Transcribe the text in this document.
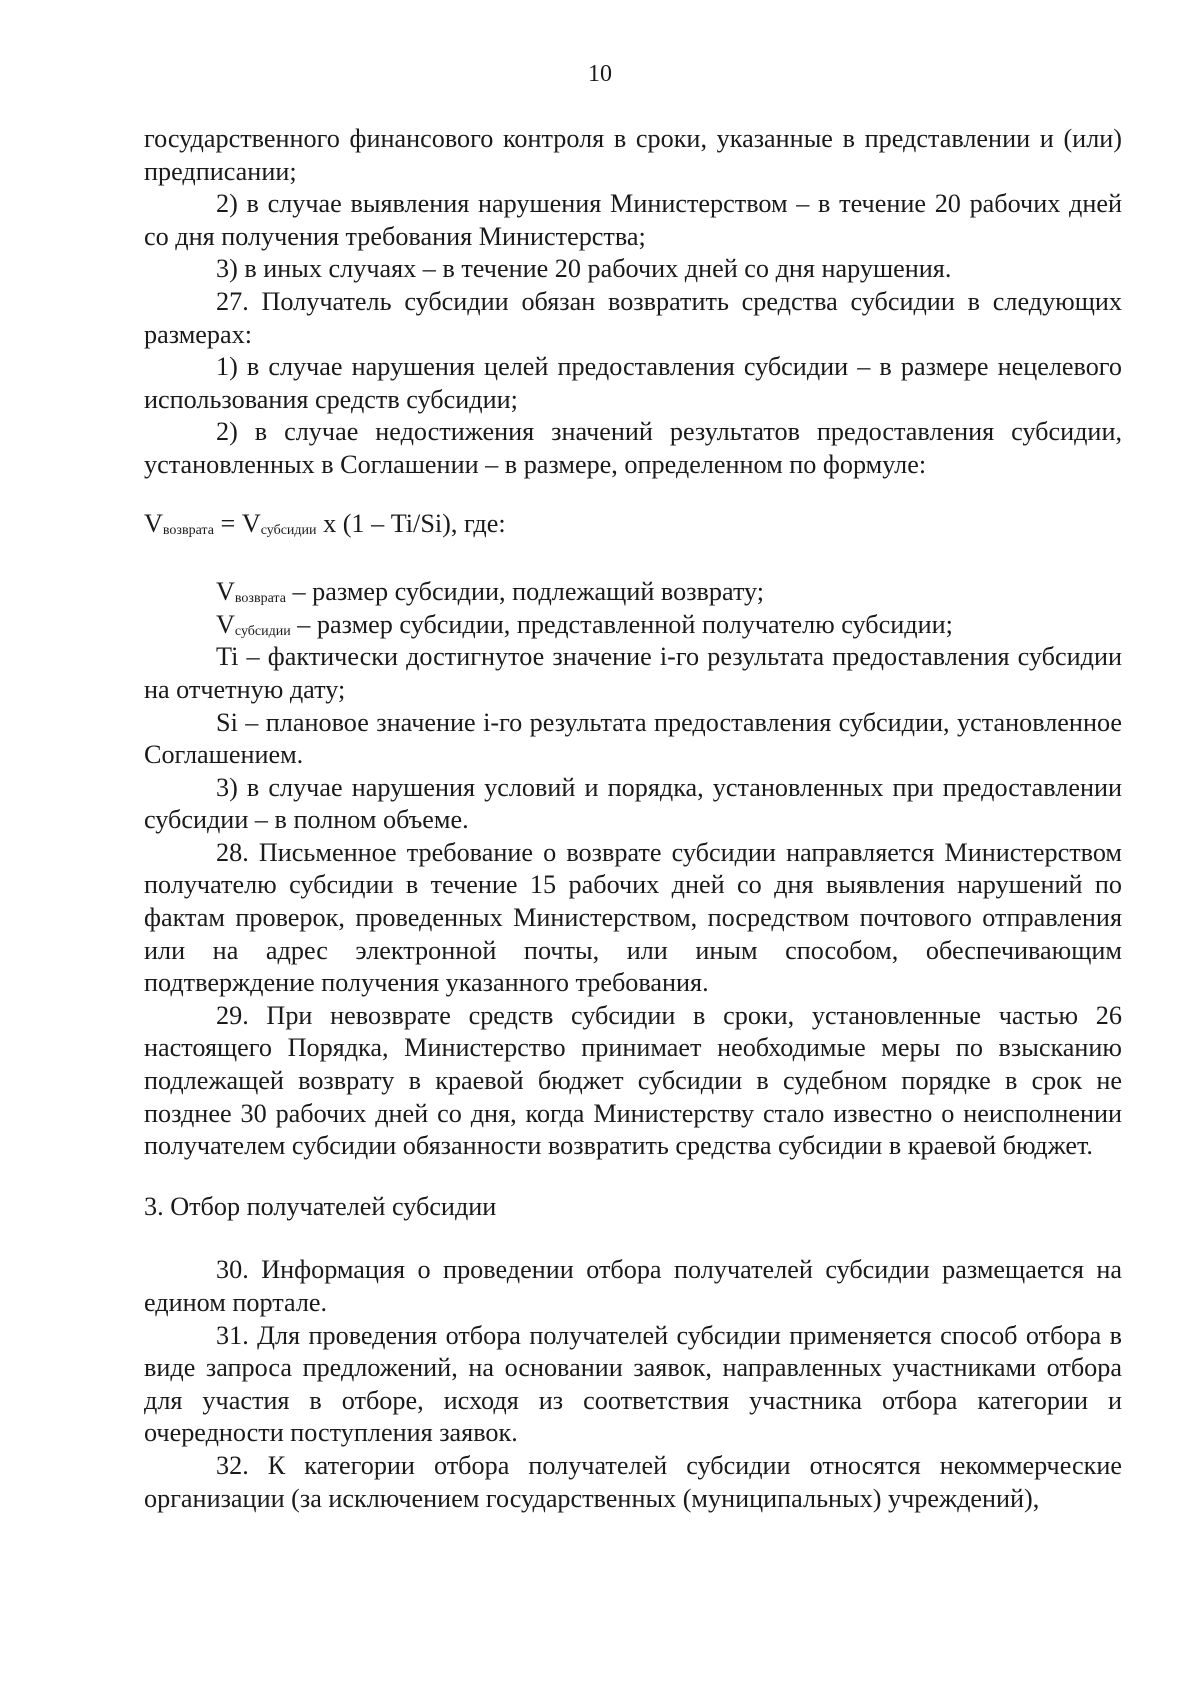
10

государственного финансового контроля в сроки, указанные в представлении и (или) предписании;

2) в случае выявления нарушения Министерством – в течение 20 рабочих дней со дня получения требования Министерства;

3) в иных случаях – в течение 20 рабочих дней со дня нарушения.

27. Получатель субсидии обязан возвратить средства субсидии в следующих размерах:

1) в случае нарушения целей предоставления субсидии – в размере нецелевого использования средств субсидии;

2) в случае недостижения значений результатов предоставления субсидии, установленных в Соглашении – в размере, определенном по формуле:

Vвозврата = Vсубсидии х (1 – Ti/Si), где:

Vвозврата – размер субсидии, подлежащий возврату;

Vсубсидии – размер субсидии, представленной получателю субсидии;

Ti – фактически достигнутое значение i-го результата предоставления субсидии на отчетную дату;

Si – плановое значение i-го результата предоставления субсидии, установленное Соглашением.

3) в случае нарушения условий и порядка, установленных при предоставлении субсидии – в полном объеме.

28. Письменное требование о возврате субсидии направляется Министерством получателю субсидии в течение 15 рабочих дней со дня выявления нарушений по фактам проверок, проведенных Министерством, посредством почтового отправления или на адрес электронной почты, или иным способом, обеспечивающим подтверждение получения указанного требования.

29. При невозврате средств субсидии в сроки, установленные частью 26 настоящего Порядка, Министерство принимает необходимые меры по взысканию подлежащей возврату в краевой бюджет субсидии в судебном порядке в срок не позднее 30 рабочих дней со дня, когда Министерству стало известно о неисполнении получателем субсидии обязанности возвратить средства субсидии в краевой бюджет.

3. Отбор получателей субсидии

30. Информация о проведении отбора получателей субсидии размещается на едином портале.

31. Для проведения отбора получателей субсидии применяется способ отбора в виде запроса предложений, на основании заявок, направленных участниками отбора для участия в отборе, исходя из соответствия участника отбора категории и очередности поступления заявок.

32. К категории отбора получателей субсидии относятся некоммерческие организации (за исключением государственных (муниципальных) учреждений),
